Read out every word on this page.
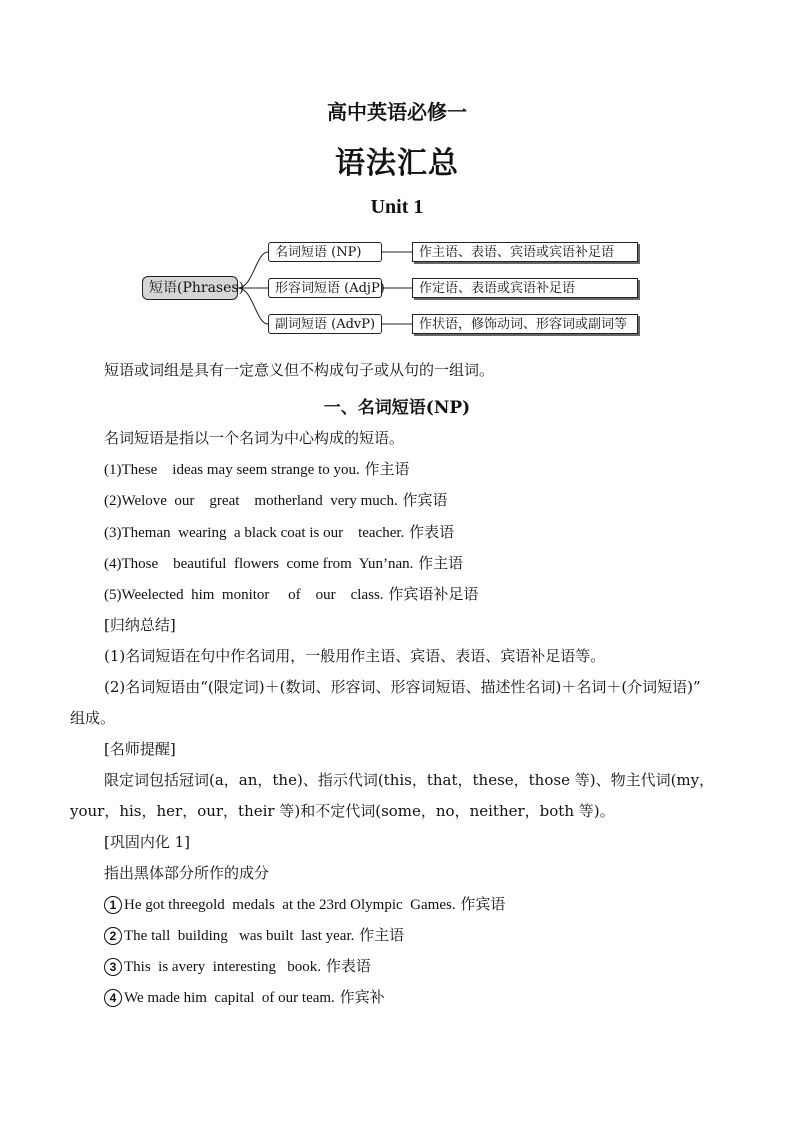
高中英语必修一
语法汇总
Unit 1
短语(Phrases)
名词短语 (NP)
形容词短语 (AdjP)
副词短语 (AdvP)
作主语、表语、宾语或宾语补足语
作定语、表语或宾语补足语
作状语，修饰动词、形容词或副词等
短语或词组是具有一定意义但不构成句子或从句的一组词。
一、名词短语(NP)
名词短语是指以一个名词为中心构成的短语。
(1)These    ideas may seem strange to you. 作主语
(2)Welove  our    great    motherland  very much. 作宾语
(3)Theman  wearing  a black coat is our    teacher. 作表语
(4)Those    beautiful  flowers  come from  Yun’nan. 作主语
(5)Weelected  him  monitor     of    our    class. 作宾语补足语
[归纳总结]
(1)名词短语在句中作名词用，一般用作主语、宾语、表语、宾语补足语等。
(2)名词短语由“(限定词)＋(数词、形容词、形容词短语、描述性名词)＋名词＋(介词短语)”
组成。
[名师提醒]
限定词包括冠词(a，an，the)、指示代词(this，that，these，those 等)、物主代词(my，
your，his，her，our，their 等)和不定代词(some，no，neither，both 等)。
[巩固内化 1]
指出黑体部分所作的成分
1 He got threegold  medals  at the 23rd Olympic  Games. 作宾语
2 The tall  building   was built  last year. 作主语
3 This  is avery  interesting   book. 作表语
4 We made him  capital  of our team. 作宾补
